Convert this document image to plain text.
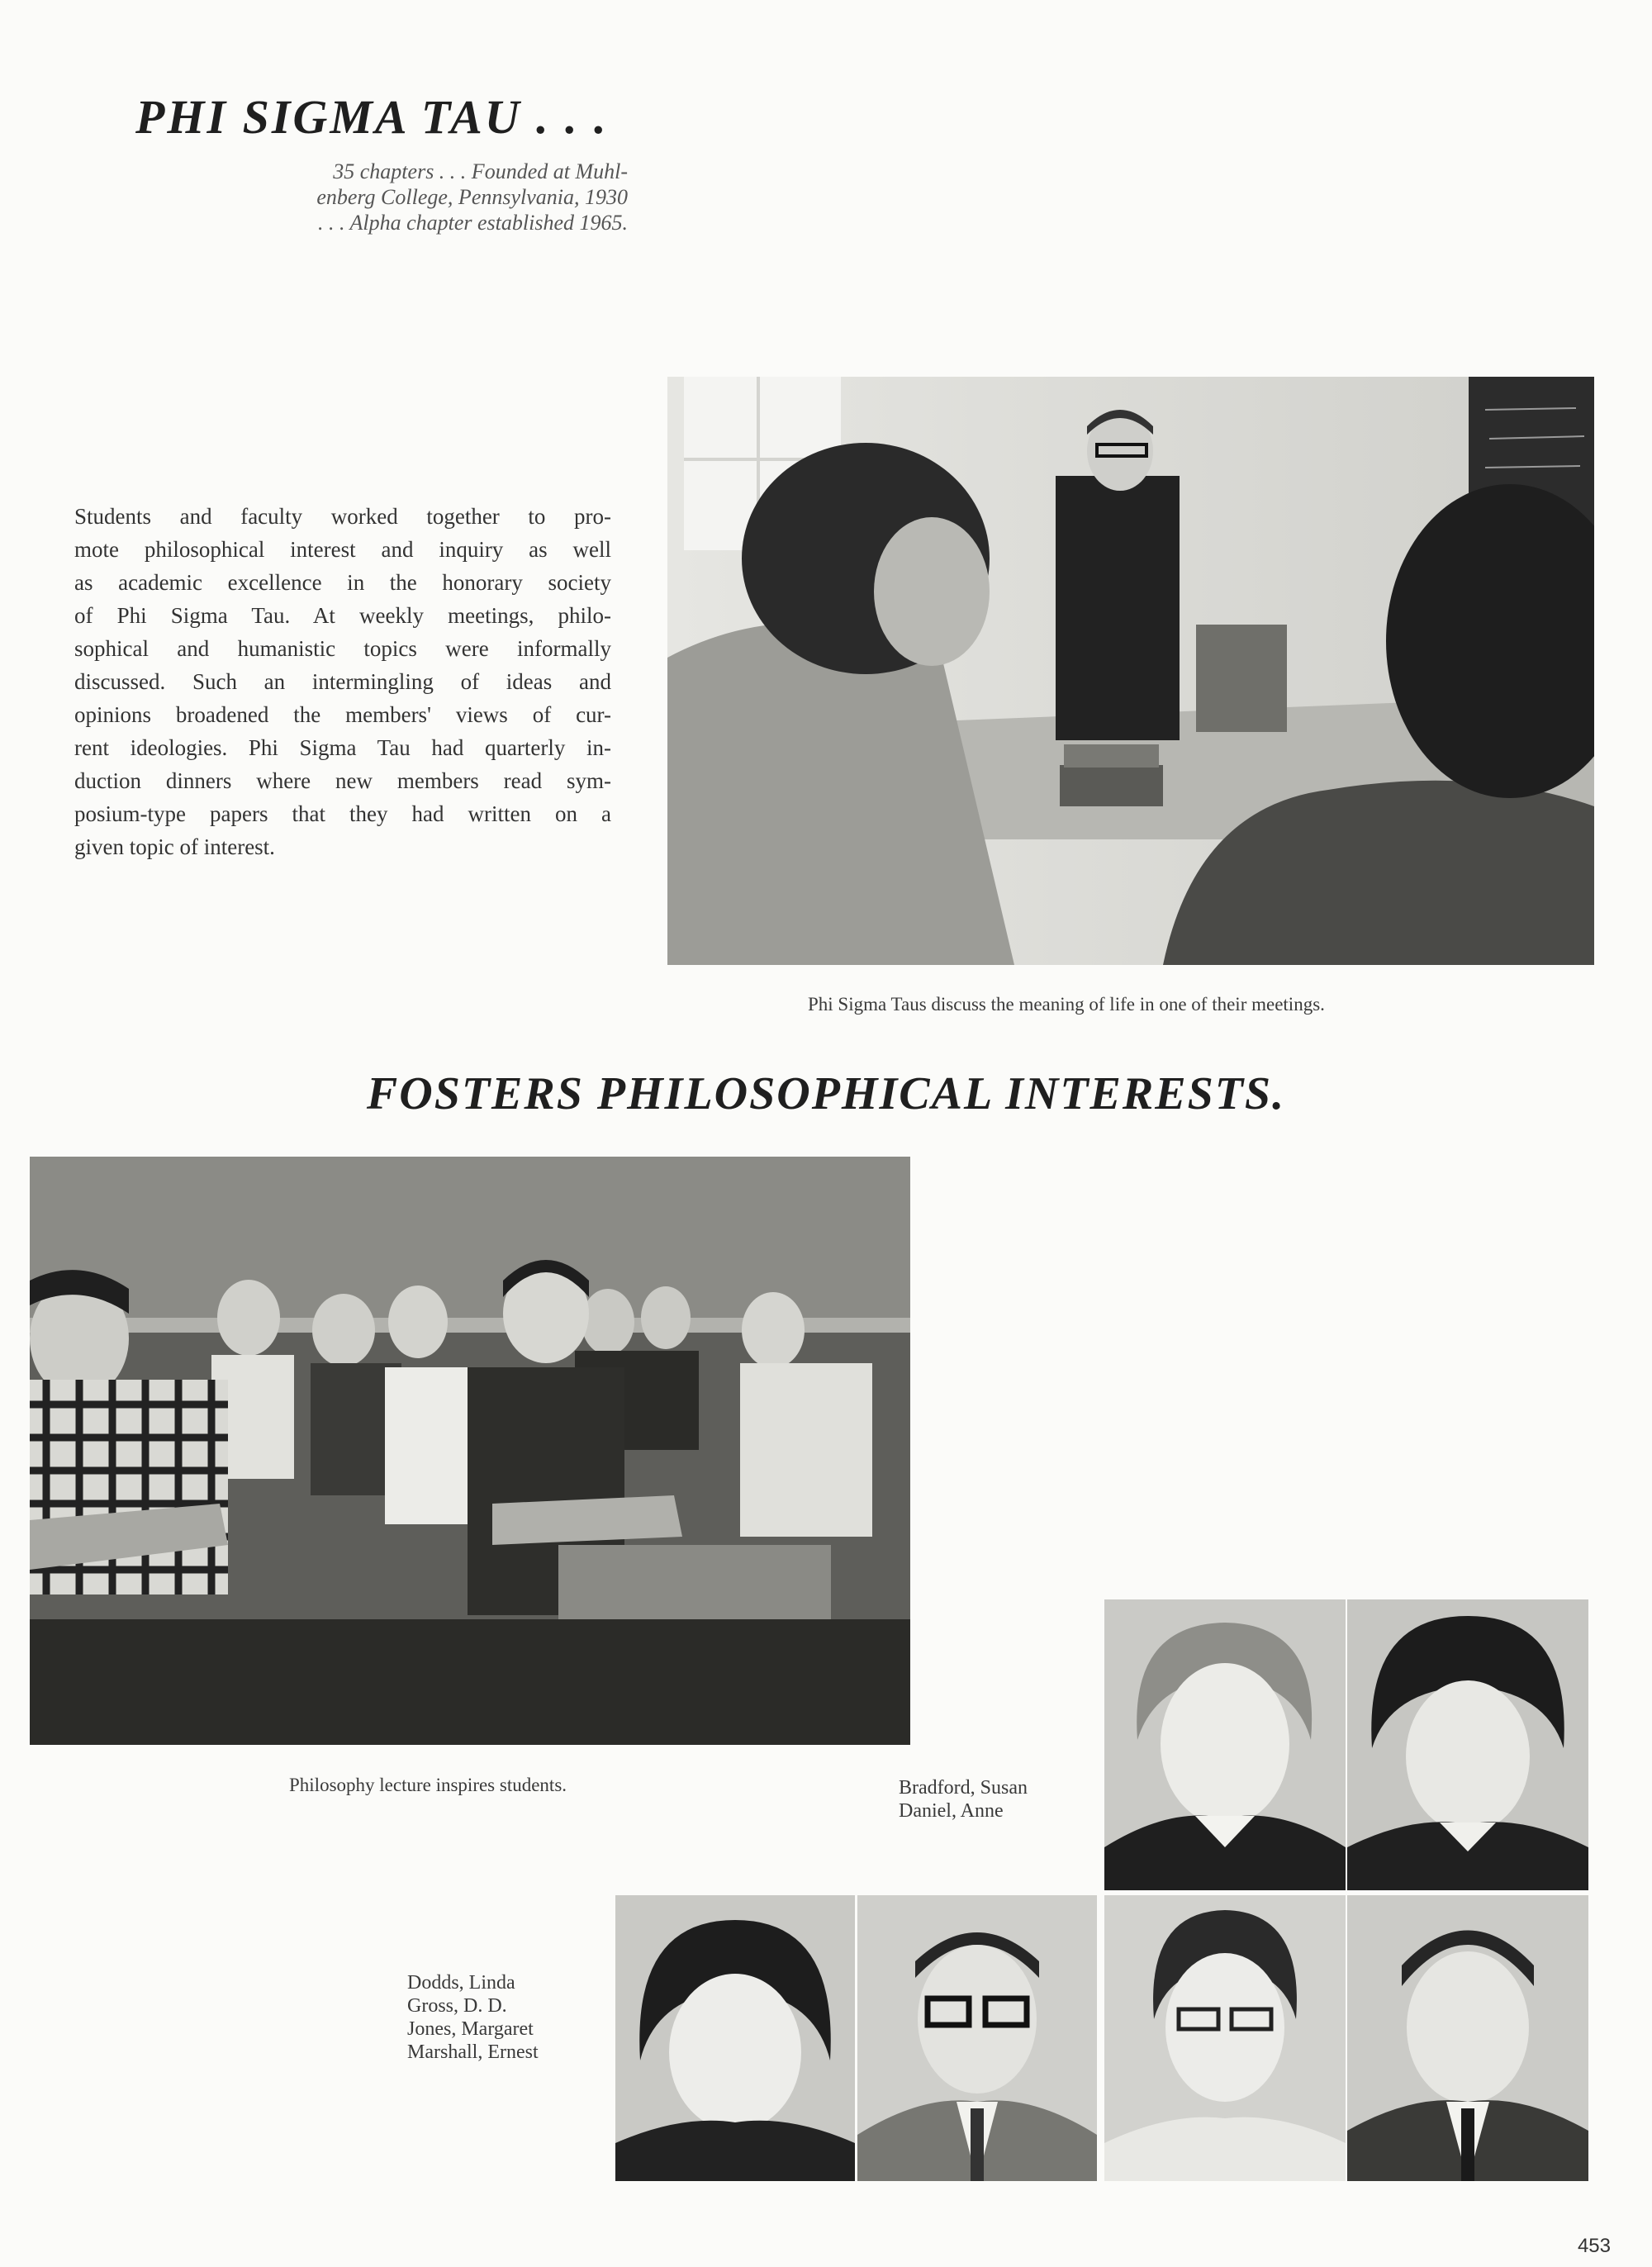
PHI SIGMA TAU . . .
35 chapters . . . Founded at Muhl-
enberg College, Pennsylvania, 1930
. . . Alpha chapter established 1965.
Students and faculty worked together to pro-
mote philosophical interest and inquiry as well
as academic excellence in the honorary society
of Phi Sigma Tau. At weekly meetings, philo-
sophical and humanistic topics were informally
discussed. Such an intermingling of ideas and
opinions broadened the members' views of cur-
rent ideologies. Phi Sigma Tau had quarterly in-
duction dinners where new members read sym-
posium-type papers that they had written on a
given topic of interest.
Phi Sigma Taus discuss the meaning of life in one of their meetings.
FOSTERS PHILOSOPHICAL INTERESTS.
Philosophy lecture inspires students.	Bradford, Susan
Daniel, Anne
Dodds, Linda
Gross, D. D.
Jones, Margaret
Marshall, Ernest
453
